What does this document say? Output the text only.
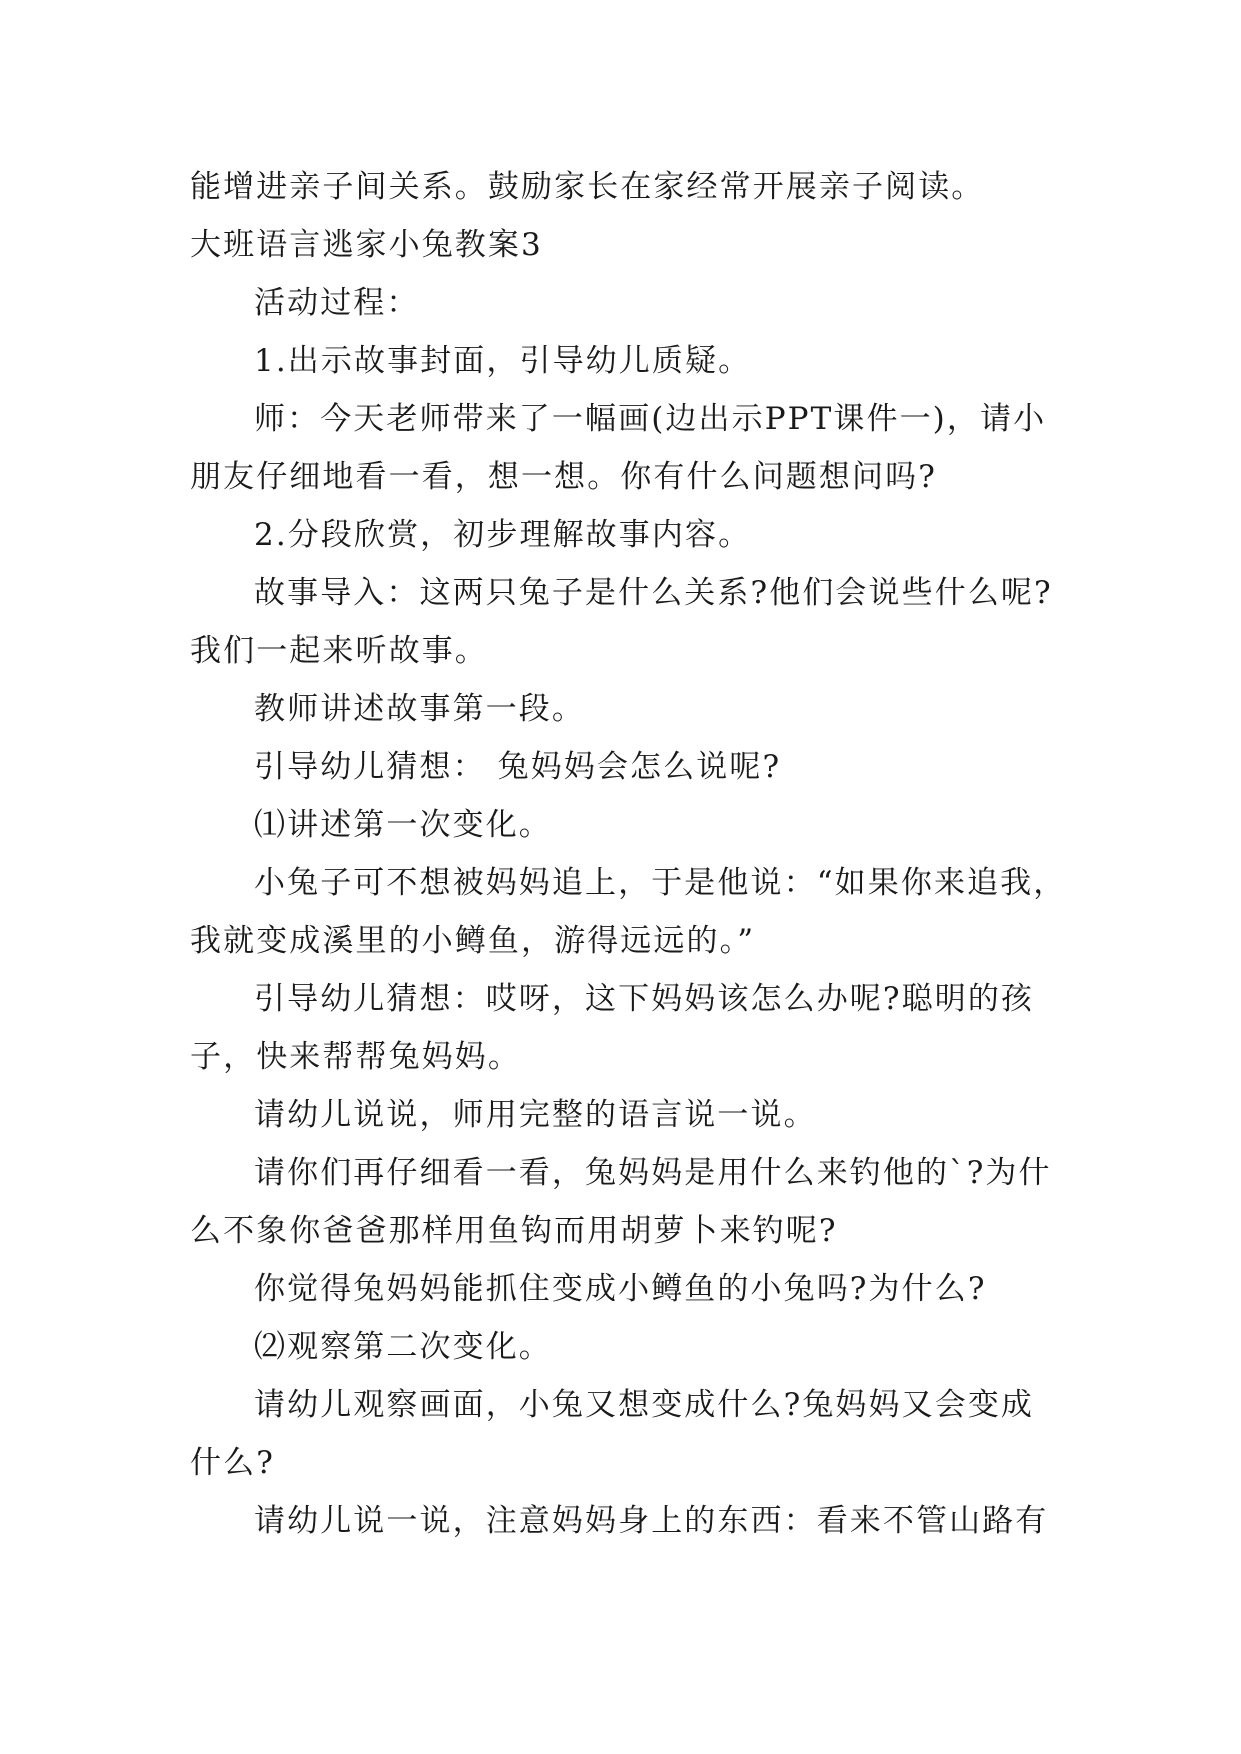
能增进亲子间关系。鼓励家长在家经常开展亲子阅读。
大班语言逃家小兔教案3
活动过程：
1.出示故事封面，引导幼儿质疑。
师：今天老师带来了一幅画(边出示PPT课件一)，请小
朋友仔细地看一看，想一想。你有什么问题想问吗?
2.分段欣赏，初步理解故事内容。
故事导入：这两只兔子是什么关系?他们会说些什么呢?
我们一起来听故事。
教师讲述故事第一段。
引导幼儿猜想： 兔妈妈会怎么说呢?
⑴讲述第一次变化。
小兔子可不想被妈妈追上，于是他说：“如果你来追我，
我就变成溪里的小鳟鱼，游得远远的。”
引导幼儿猜想：哎呀，这下妈妈该怎么办呢?聪明的孩
子，快来帮帮兔妈妈。
请幼儿说说，师用完整的语言说一说。
请你们再仔细看一看，兔妈妈是用什么来钓他的`?为什
么不象你爸爸那样用鱼钩而用胡萝卜来钓呢?
你觉得兔妈妈能抓住变成小鳟鱼的小兔吗?为什么?
⑵观察第二次变化。
请幼儿观察画面，小兔又想变成什么?兔妈妈又会变成
什么?
请幼儿说一说，注意妈妈身上的东西：看来不管山路有
